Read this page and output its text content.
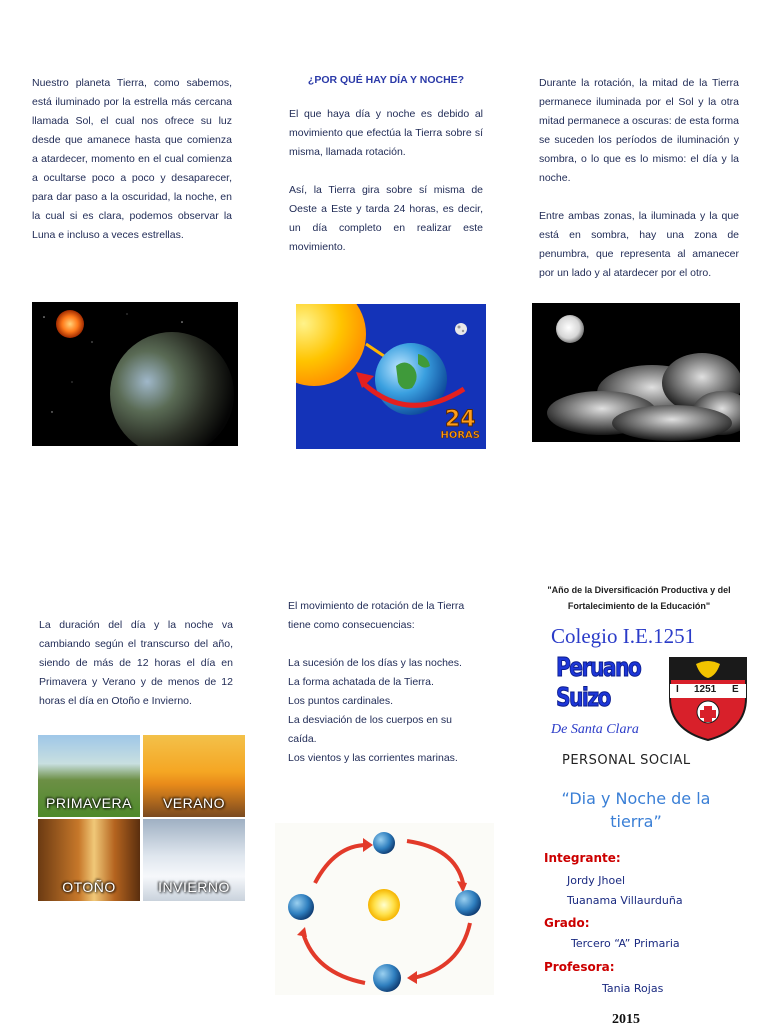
Nuestro planeta Tierra, como sabemos, está iluminado por la estrella más cercana llamada Sol, el cual nos ofrece su luz desde que amanece hasta que comienza a atardecer, momento en el cual comienza a ocultarse poco a poco y desaparecer, para dar paso a la oscuridad, la noche, en la cual si es clara, podemos observar la Luna e incluso a veces estrellas.

¿POR QUÉ HAY DÍA Y NOCHE?

El que haya día y noche es debido al movimiento que efectúa la Tierra sobre sí misma, llamada rotación.

Así, la Tierra gira sobre sí misma de Oeste a Este y tarda 24 horas, es decir, un día completo en realizar este movimiento.

Durante la rotación, la mitad de la Tierra permanece iluminada por el Sol y la otra mitad permanece a oscuras: de esta forma se suceden los períodos de iluminación y sombra, o lo que es lo mismo: el día y la noche.

Entre ambas zonas, la iluminada y la que está en sombra, hay una zona de penumbra, que representa al amanecer por un lado y al atardecer por el otro.

24
HORAS

La duración del día y la noche va cambiando según el transcurso del año, siendo de más de 12 horas el día en Primavera y Verano y de menos de 12 horas el día en Otoño e Invierno.

PRIMAVERA	VERANO
OTOÑO	INVIERNO

El movimiento de rotación de la Tierra tiene como consecuencias:

La sucesión de los días y las noches.
La forma achatada de la Tierra.
Los puntos cardinales.
La desviación de los cuerpos en su caída.
Los vientos y las corrientes marinas.
"Año de la Diversificación Productiva y del Fortalecimiento de la Educación"
Colegio I.E.1251
Peruano
Suizo	I 1251 E
De Santa Clara
PERSONAL SOCIAL
“Dia y Noche de la tierra”
Integrante:
Jordy Jhoel
Tuanama Villaurduña
Grado:
Tercero “A” Primaria
Profesora:
Tania Rojas
2015
